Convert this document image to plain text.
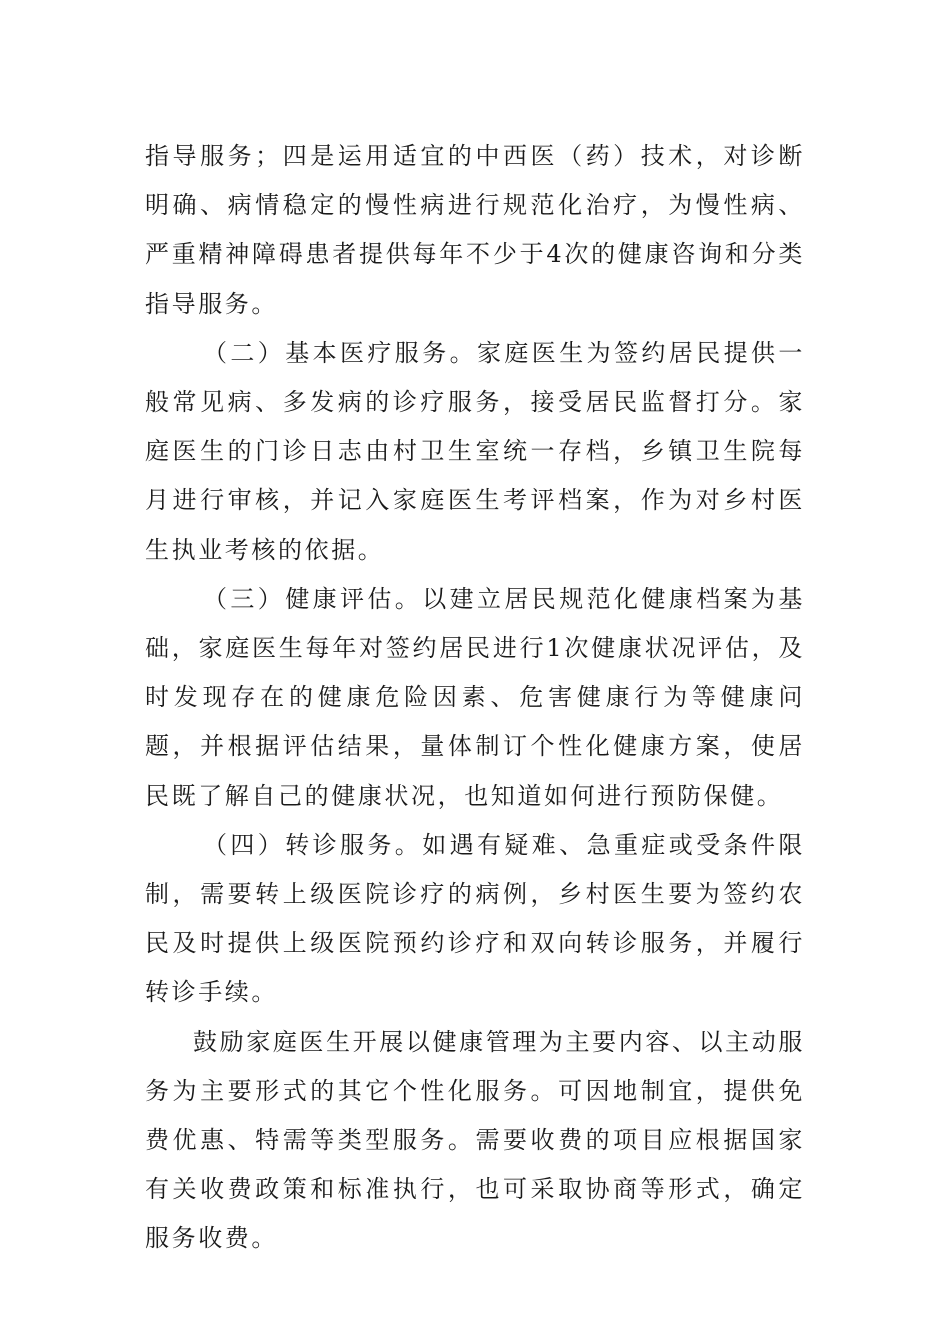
指导服务；四是运用适宜的中西医（药）技术，对诊断明确、病情稳定的慢性病进行规范化治疗，为慢性病、严重精神障碍患者提供每年不少于4次的健康咨询和分类指导服务。

（二）基本医疗服务。家庭医生为签约居民提供一般常见病、多发病的诊疗服务，接受居民监督打分。家庭医生的门诊日志由村卫生室统一存档，乡镇卫生院每月进行审核，并记入家庭医生考评档案，作为对乡村医生执业考核的依据。

（三）健康评估。以建立居民规范化健康档案为基础，家庭医生每年对签约居民进行1次健康状况评估，及时发现存在的健康危险因素、危害健康行为等健康问题，并根据评估结果，量体制订个性化健康方案，使居民既了解自己的健康状况，也知道如何进行预防保健。

（四）转诊服务。如遇有疑难、急重症或受条件限制，需要转上级医院诊疗的病例，乡村医生要为签约农民及时提供上级医院预约诊疗和双向转诊服务，并履行转诊手续。

鼓励家庭医生开展以健康管理为主要内容、以主动服务为主要形式的其它个性化服务。可因地制宜，提供免费优惠、特需等类型服务。需要收费的项目应根据国家有关收费政策和标准执行，也可采取协商等形式，确定服务收费。
